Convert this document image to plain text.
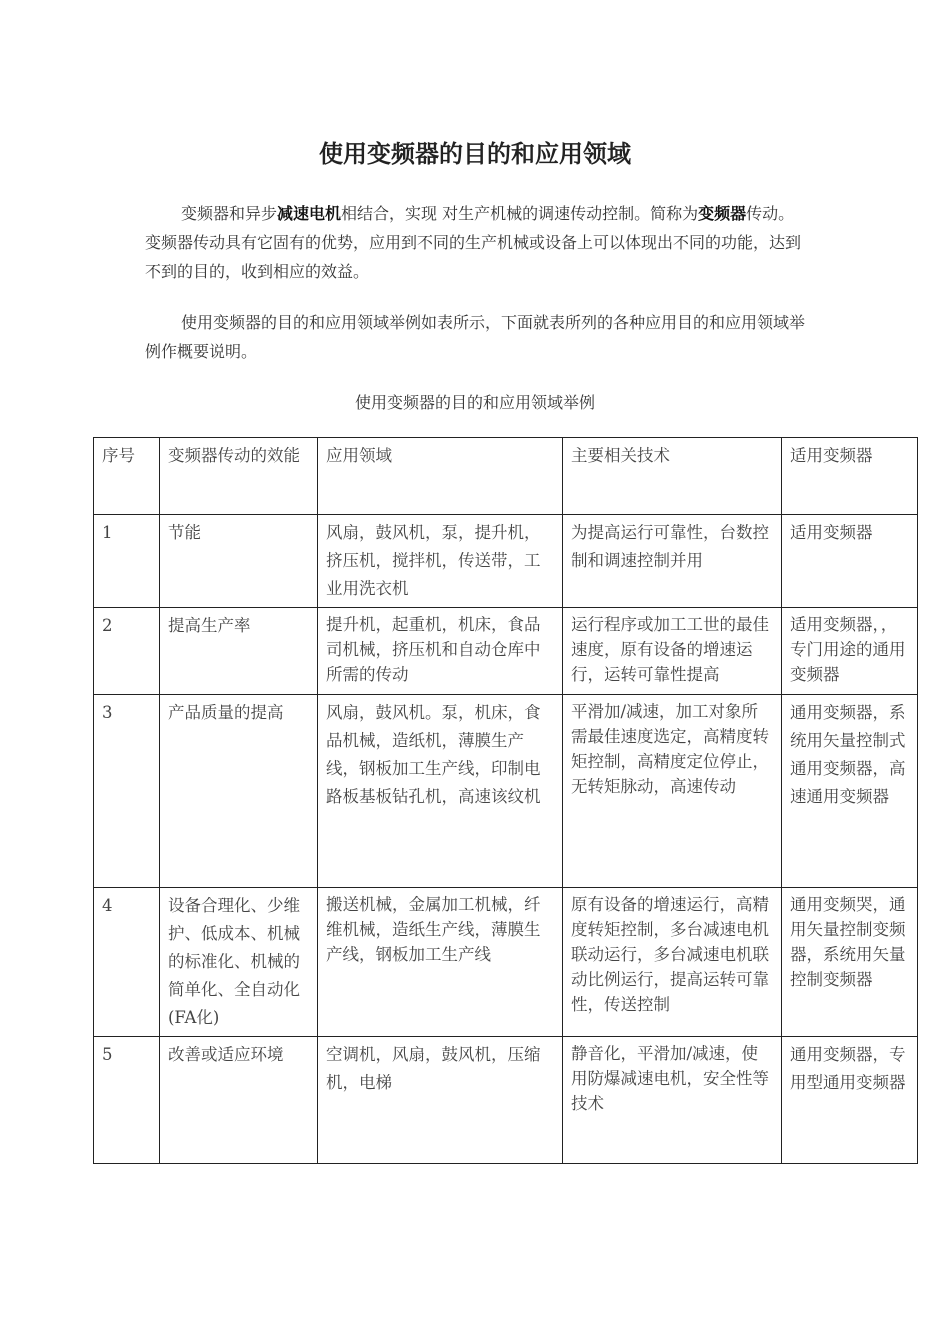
使用变频器的目的和应用领域

变频器和异步减速电机相结合，实现 对生产机械的调速传动控制。简称为变频器传动。变频器传动具有它固有的优势，应用到不同的生产机械或设备上可以体现出不同的功能，达到不到的目的，收到相应的效益。

使用变频器的目的和应用领域举例如表所示，下面就表所列的各种应用目的和应用领域举例作概要说明。

使用变频器的目的和应用领域举例
序号	变频器传动的效能	应用领域	主要相关技术	适用变频器
1	节能	风扇，鼓风机，泵，提升机，挤压机，搅拌机，传送带，工业用洗衣机	为提高运行可靠性，台数控制和调速控制并用	适用变频器
2	提高生产率	提升机，起重机，机床，食品司机械，挤压机和自动仓库中所需的传动	运行程序或加工工世的最佳速度，原有设备的增速运行，运转可靠性提高	适用变频器，，专门用途的通用变频器
3	产品质量的提高	风扇，鼓风机。泵，机床，食品机械，造纸机，薄膜生产线，钢板加工生产线，印制电路板基板钻孔机，高速该纹机	平滑加/减速，加工对象所需最佳速度选定，高精度转矩控制，高精度定位停止，无转矩脉动，高速传动	通用变频器，系统用矢量控制式通用变频器，高速通用变频器
4	设备合理化、少维护、低成本、机械的标准化、机械的简单化、全自动化(FA化)	搬送机械，金属加工机械，纤维机械，造纸生产线，薄膜生产线，钢板加工生产线	原有设备的增速运行，高精度转矩控制，多台减速电机联动运行，多台减速电机联动比例运行，提高运转可靠性，传送控制	通用变频哭，通用矢量控制变频器，系统用矢量控制变频器
5	改善或适应环境	空调机，风扇，鼓风机，压缩机，电梯	静音化，平滑加/减速，使用防爆减速电机，安全性等技术	通用变频器，专用型通用变频器
